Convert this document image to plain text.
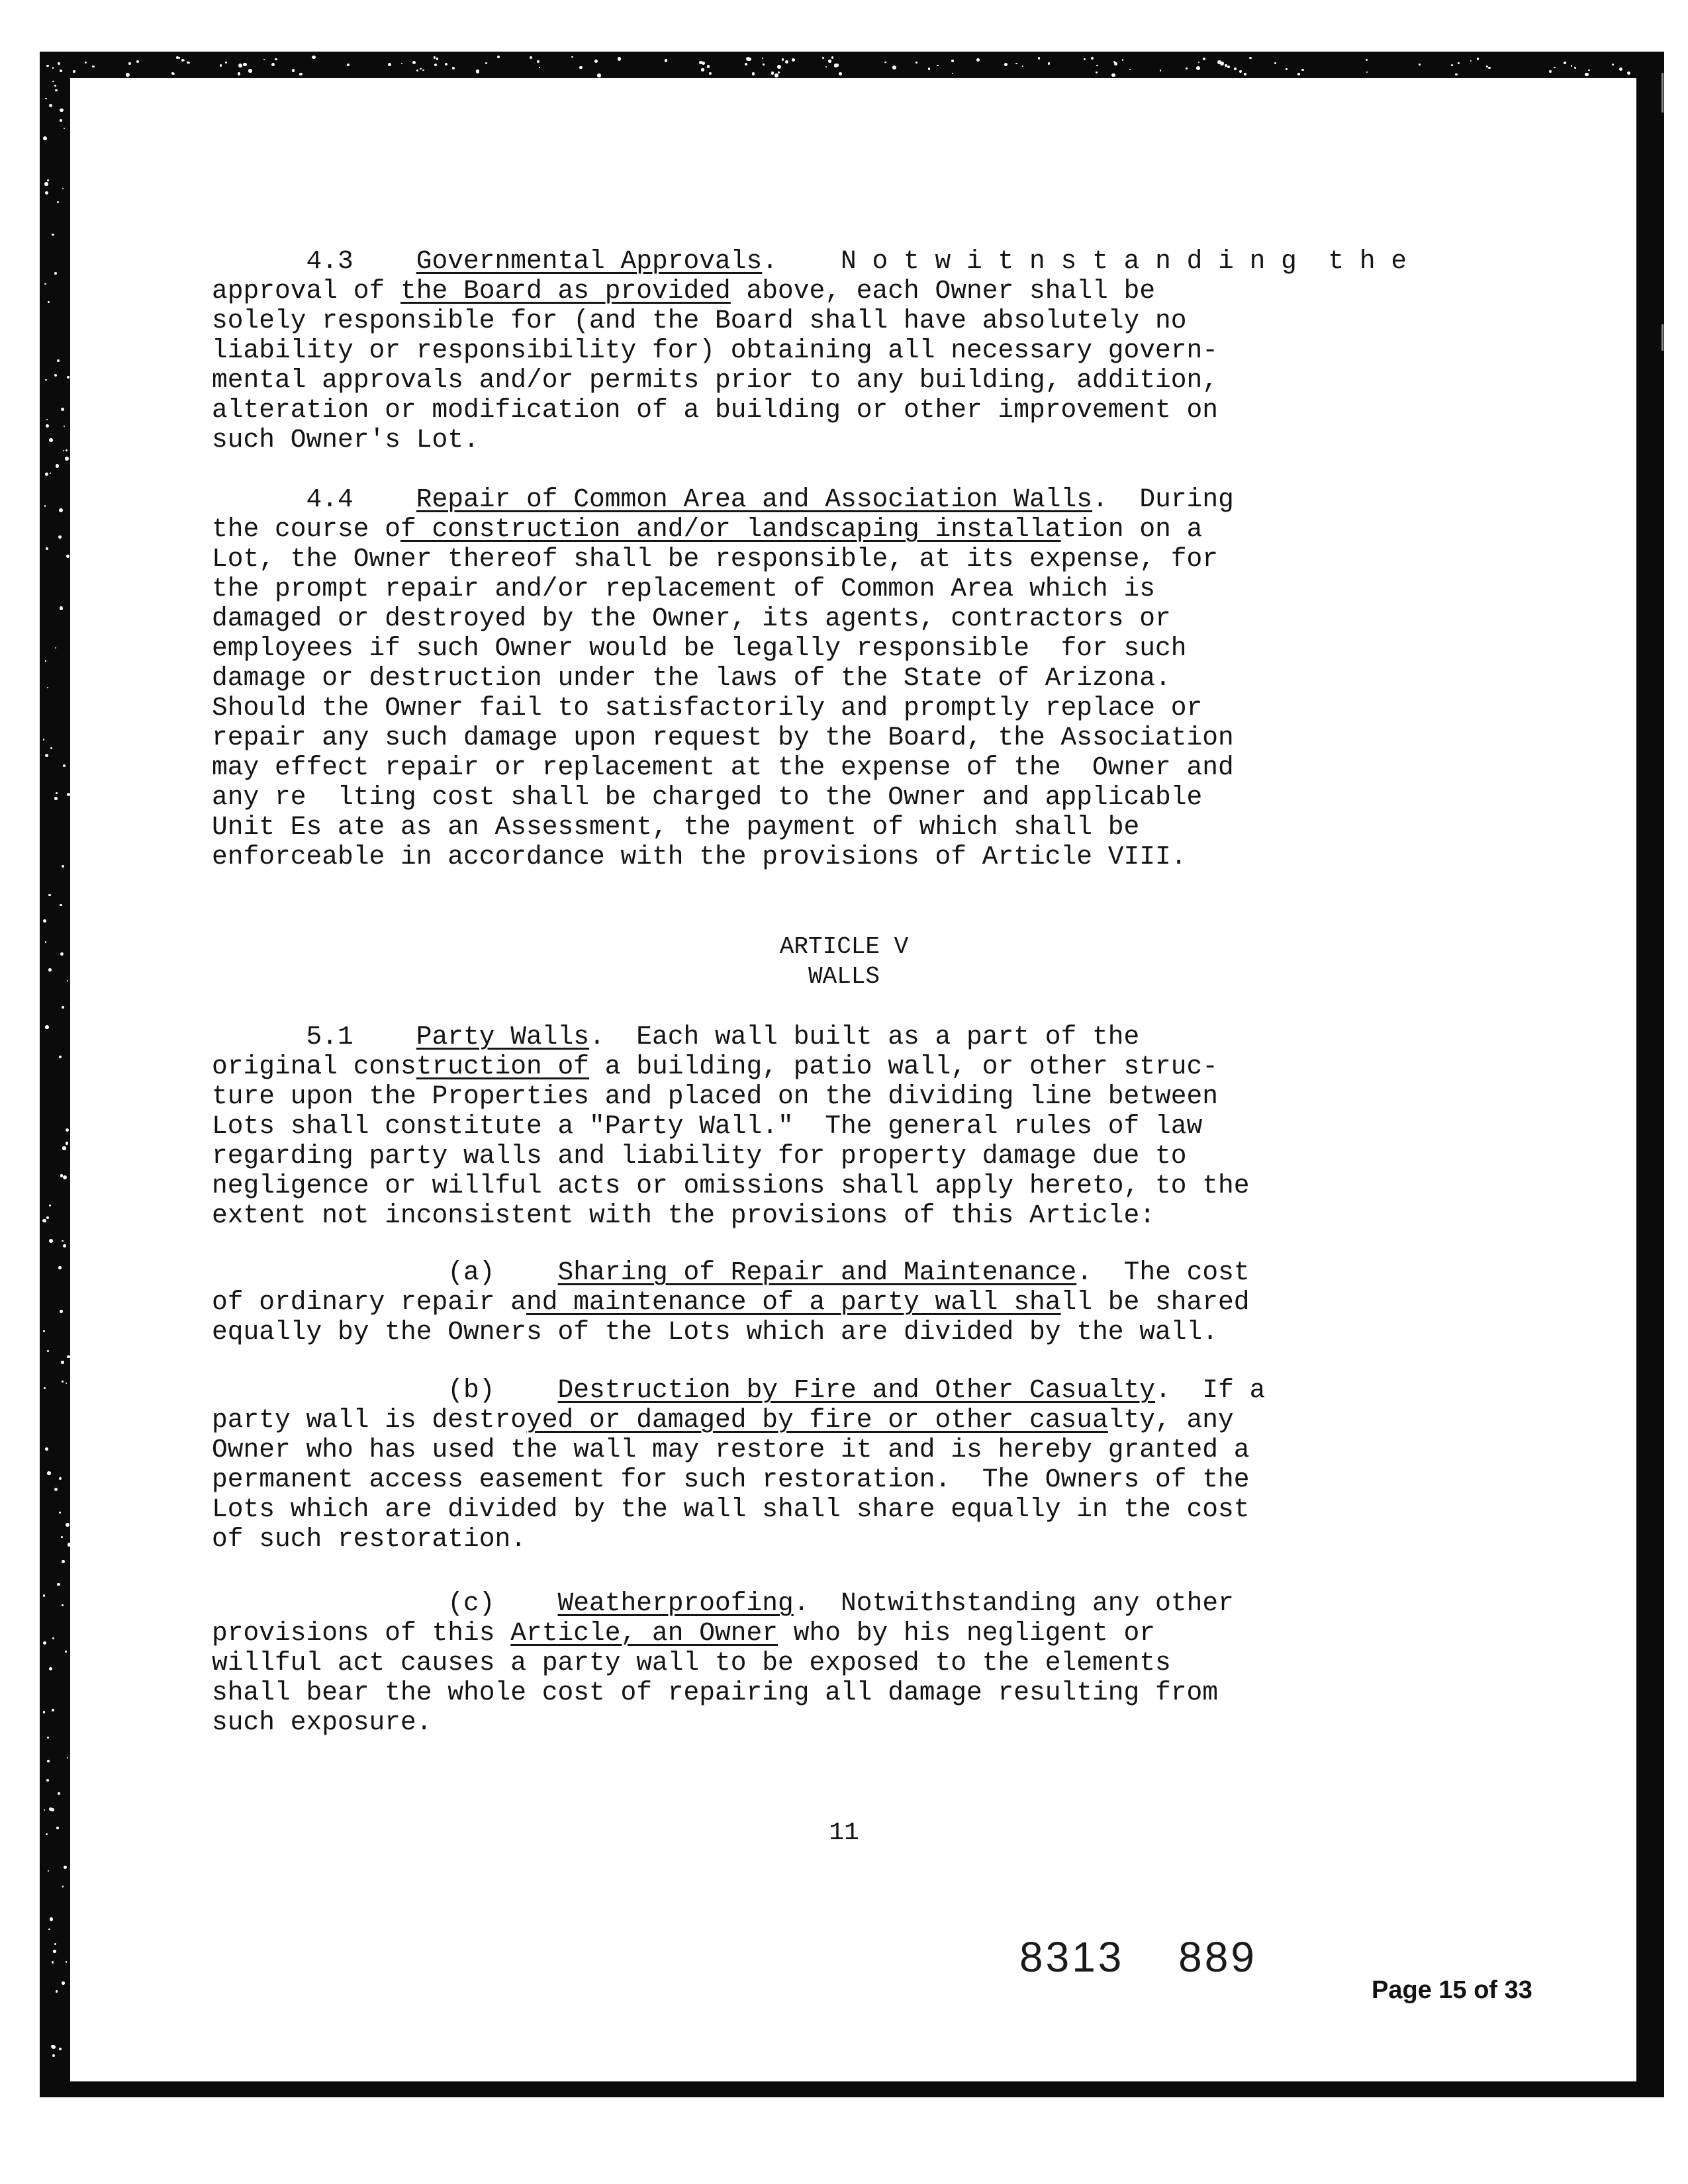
4.3    Governmental Approvals.    N o t w i t n s t a n d i n g  t h e
approval of the Board as provided above, each Owner shall be
solely responsible for (and the Board shall have absolutely no
liability or responsibility for) obtaining all necessary govern-
mental approvals and/or permits prior to any building, addition,
alteration or modification of a building or other improvement on
such Owner's Lot.
4.4    Repair of Common Area and Association Walls.  During
the course of construction and/or landscaping installation on a
Lot, the Owner thereof shall be responsible, at its expense, for
the prompt repair and/or replacement of Common Area which is
damaged or destroyed by the Owner, its agents, contractors or
employees if such Owner would be legally responsible  for such
damage or destruction under the laws of the State of Arizona.
Should the Owner fail to satisfactorily and promptly replace or
repair any such damage upon request by the Board, the Association
may effect repair or replacement at the expense of the  Owner and
any re  lting cost shall be charged to the Owner and applicable
Unit Es ate as an Assessment, the payment of which shall be
enforceable in accordance with the provisions of Article VIII.
ARTICLE V
WALLS
5.1    Party Walls.  Each wall built as a part of the
original construction of a building, patio wall, or other struc-
ture upon the Properties and placed on the dividing line between
Lots shall constitute a "Party Wall."  The general rules of law
regarding party walls and liability for property damage due to
negligence or willful acts or omissions shall apply hereto, to the
extent not inconsistent with the provisions of this Article:
(a)    Sharing of Repair and Maintenance.  The cost
of ordinary repair and maintenance of a party wall shall be shared
equally by the Owners of the Lots which are divided by the wall.
(b)    Destruction by Fire and Other Casualty.  If a
party wall is destroyed or damaged by fire or other casualty, any
Owner who has used the wall may restore it and is hereby granted a
permanent access easement for such restoration.  The Owners of the
Lots which are divided by the wall shall share equally in the cost
of such restoration.
(c)    Weatherproofing.  Notwithstanding any other
provisions of this Article, an Owner who by his negligent or
willful act causes a party wall to be exposed to the elements
shall bear the whole cost of repairing all damage resulting from
such exposure.
11
8313 889
Page 15 of 33
